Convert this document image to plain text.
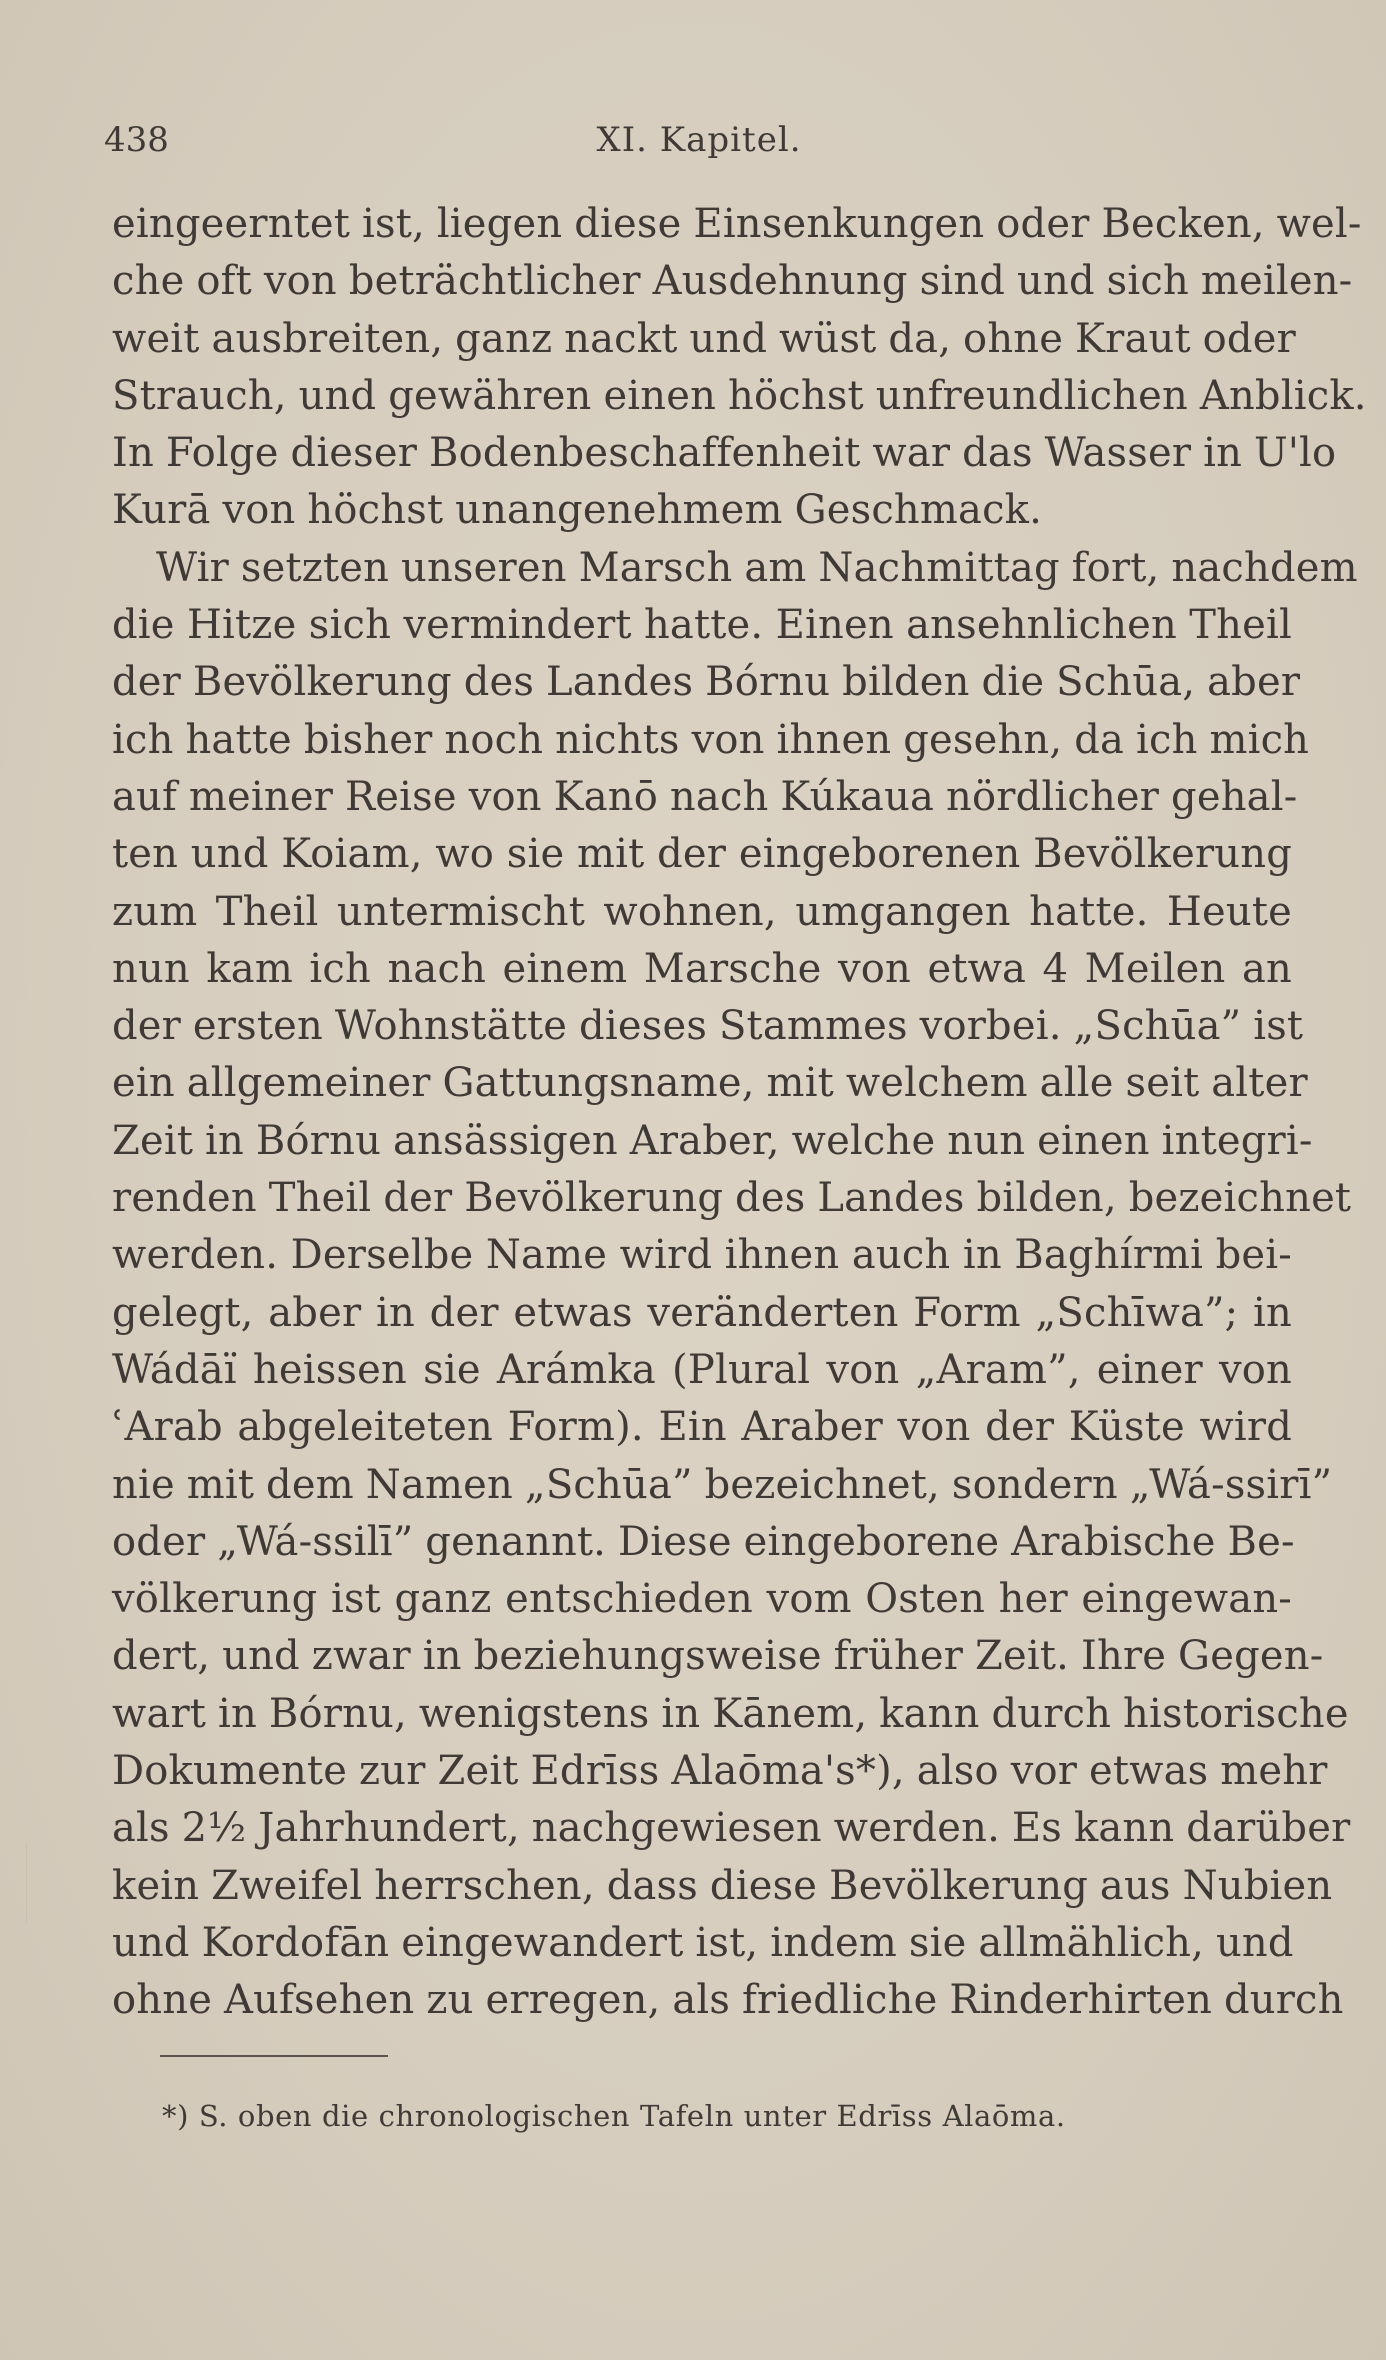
438	XI. Kapitel.
eingeerntet ist, liegen diese Einsenkungen oder Becken, wel-
che oft von beträchtlicher Ausdehnung sind und sich meilen-
weit ausbreiten, ganz nackt und wüst da, ohne Kraut oder
Strauch, und gewähren einen höchst unfreundlichen Anblick.
In Folge dieser Bodenbeschaffenheit war das Wasser in U'lo
Kurā von höchst unangenehmem Geschmack.
Wir setzten unseren Marsch am Nachmittag fort, nachdem
die Hitze sich vermindert hatte. Einen ansehnlichen Theil
der Bevölkerung des Landes Bórnu bilden die Schūa, aber
ich hatte bisher noch nichts von ihnen gesehn, da ich mich
auf meiner Reise von Kanō nach Kúkaua nördlicher gehal-
ten und Koiam, wo sie mit der eingeborenen Bevölkerung
zum Theil untermischt wohnen, umgangen hatte. Heute
nun kam ich nach einem Marsche von etwa 4 Meilen an
der ersten Wohnstätte dieses Stammes vorbei. „Schūa” ist
ein allgemeiner Gattungsname, mit welchem alle seit alter
Zeit in Bórnu ansässigen Araber, welche nun einen integri-
renden Theil der Bevölkerung des Landes bilden, bezeichnet
werden. Derselbe Name wird ihnen auch in Baghírmi bei-
gelegt, aber in der etwas veränderten Form „Schīwa”; in
Wádāï heissen sie Arámka (Plural von „Aram”, einer von
ʿArab abgeleiteten Form). Ein Araber von der Küste wird
nie mit dem Namen „Schūa” bezeichnet, sondern „Wá-ssirī”
oder „Wá-ssilī” genannt. Diese eingeborene Arabische Be-
völkerung ist ganz entschieden vom Osten her eingewan-
dert, und zwar in beziehungsweise früher Zeit. Ihre Gegen-
wart in Bórnu, wenigstens in Kānem, kann durch historische
Dokumente zur Zeit Edrīss Alaōma's*), also vor etwas mehr
als 2½ Jahrhundert, nachgewiesen werden. Es kann darüber
kein Zweifel herrschen, dass diese Bevölkerung aus Nubien
und Kordofān eingewandert ist, indem sie allmählich, und
ohne Aufsehen zu erregen, als friedliche Rinderhirten durch
*) S. oben die chronologischen Tafeln unter Edrīss Alaōma.
